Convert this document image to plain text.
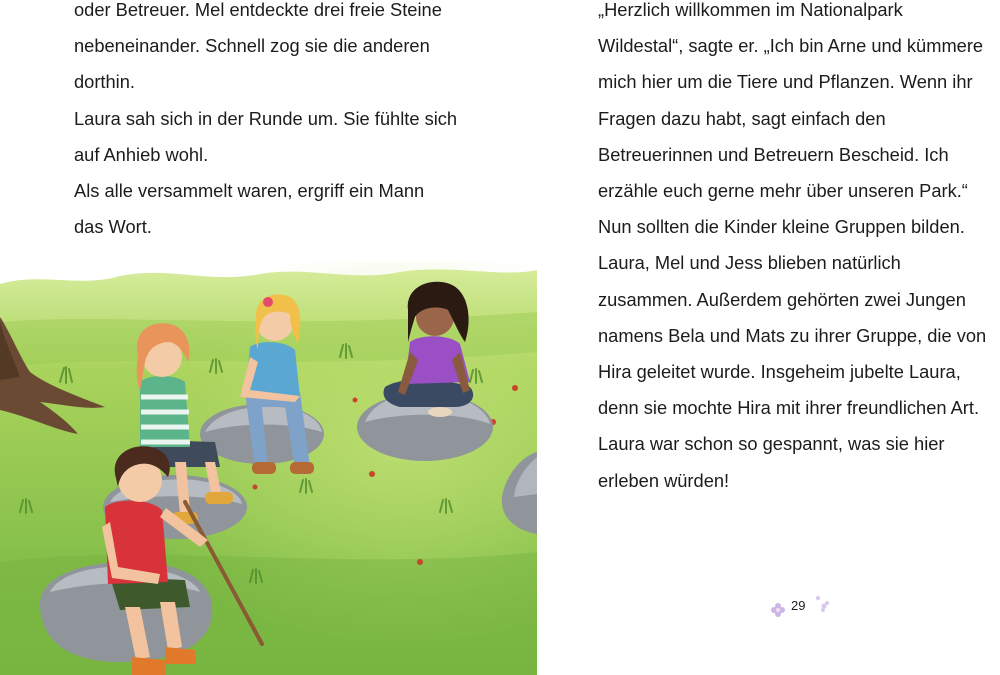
oder Betreuer. Mel entdeckte drei freie Steine
nebeneinander. Schnell zog sie die anderen
dorthin.
Laura sah sich in der Runde um. Sie fühlte sich
auf Anhieb wohl.
Als alle versammelt waren, ergriff ein Mann
das Wort.
„Herzlich willkommen im Nationalpark
Wildestal“, sagte er. „Ich bin Arne und kümmere
mich hier um die Tiere und Pflanzen. Wenn ihr
Fragen dazu habt, sagt einfach den
Betreuerinnen und Betreuern Bescheid. Ich
erzähle euch gerne mehr über unseren Park.“
Nun sollten die Kinder kleine Gruppen bilden.
Laura, Mel und Jess blieben natürlich
zusammen. Außerdem gehörten zwei Jungen
namens Bela und Mats zu ihrer Gruppe, die von
Hira geleitet wurde. Insgeheim jubelte Laura,
denn sie mochte Hira mit ihrer freundlichen Art.
Laura war schon so gespannt, was sie hier
erleben würden!
29
